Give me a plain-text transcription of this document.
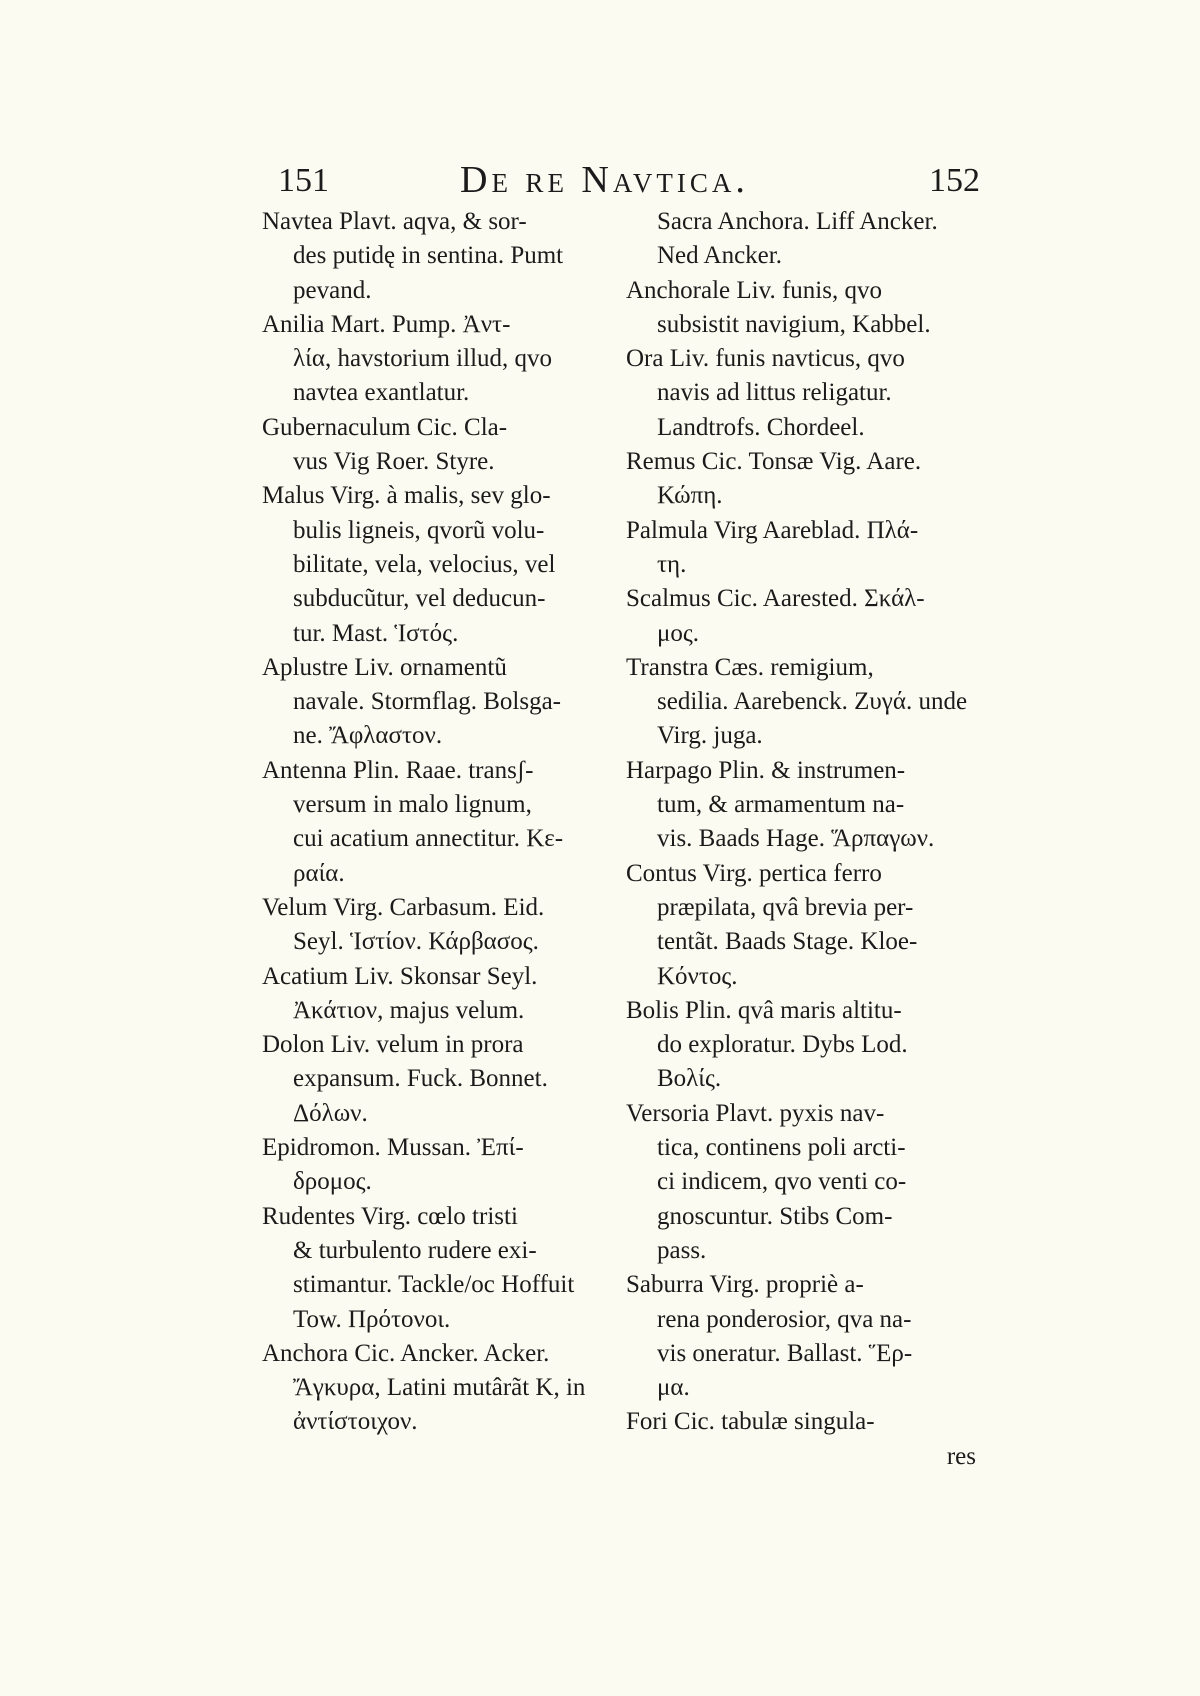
151	De re Navtica.	152
Navtea Plavt. aqva, & sor-
des putidę in sentina. Pumt
pevand.
Anilia Mart. Pump. Ἀντ-
λία, havstorium illud, qvo
navtea exantlatur.
Gubernaculum Cic. Cla-
vus Vig Roer. Styre.
Malus Virg. à malis, sev glo-
bulis ligneis, qvorũ volu-
bilitate, vela, velocius, vel
subducũtur, vel deducun-
tur. Mast. Ἱστός.
Aplustre Liv. ornamentũ
navale. Stormflag. Bolsga-
ne. Ἄφλαστον.
Antenna Plin. Raae. transʃ-
versum in malo lignum,
cui acatium annectitur. Κε-
ραία.
Velum Virg. Carbasum. Eid.
Seyl. Ἱστίον. Κάρβασος.
Acatium Liv. Skonsar Seyl.
Ἀκάτιον, majus velum.
Dolon Liv. velum in prora
expansum. Fuck. Bonnet.
Δόλων.
Epidromon. Mussan. Ἐπί-
δρομος.
Rudentes Virg. cœlo tristi
& turbulento rudere exi-
stimantur. Tackle/oc Hoffuit
Tow. Πρότονοι.
Anchora Cic. Ancker. Acker.
Ἄγκυρα, Latini mutârãt K, in
ἀντίστοιχον.
Sacra Anchora. Liff Ancker.
Ned Ancker.
Anchorale Liv. funis, qvo
subsistit navigium, Kabbel.
Ora Liv. funis navticus, qvo
navis ad littus religatur.
Landtrofs. Chordeel.
Remus Cic. Tonsæ Vig. Aare.
Κώπη.
Palmula Virg Aareblad. Πλά-
τη.
Scalmus Cic. Aarested. Σκάλ-
μος.
Transtra Cæs. remigium,
sedilia. Aarebenck. Ζυγά. unde
Virg. juga.
Harpago Plin. & instrumen-
tum, & armamentum na-
vis. Baads Hage. Ἅρπαγων.
Contus Virg. pertica ferro
præpilata, qvâ brevia per-
tentãt. Baads Stage. Kloe-
Κόντος.
Bolis Plin. qvâ maris altitu-
do exploratur. Dybs Lod.
Βολίς.
Versoria Plavt. pyxis nav-
tica, continens poli arcti-
ci indicem, qvo venti co-
gnoscuntur. Stibs Com-
pass.
Saburra Virg. propriè a-
rena ponderosior, qva na-
vis oneratur. Ballast. Ἕρ-
μα.
Fori Cic. tabulæ singula-
res
